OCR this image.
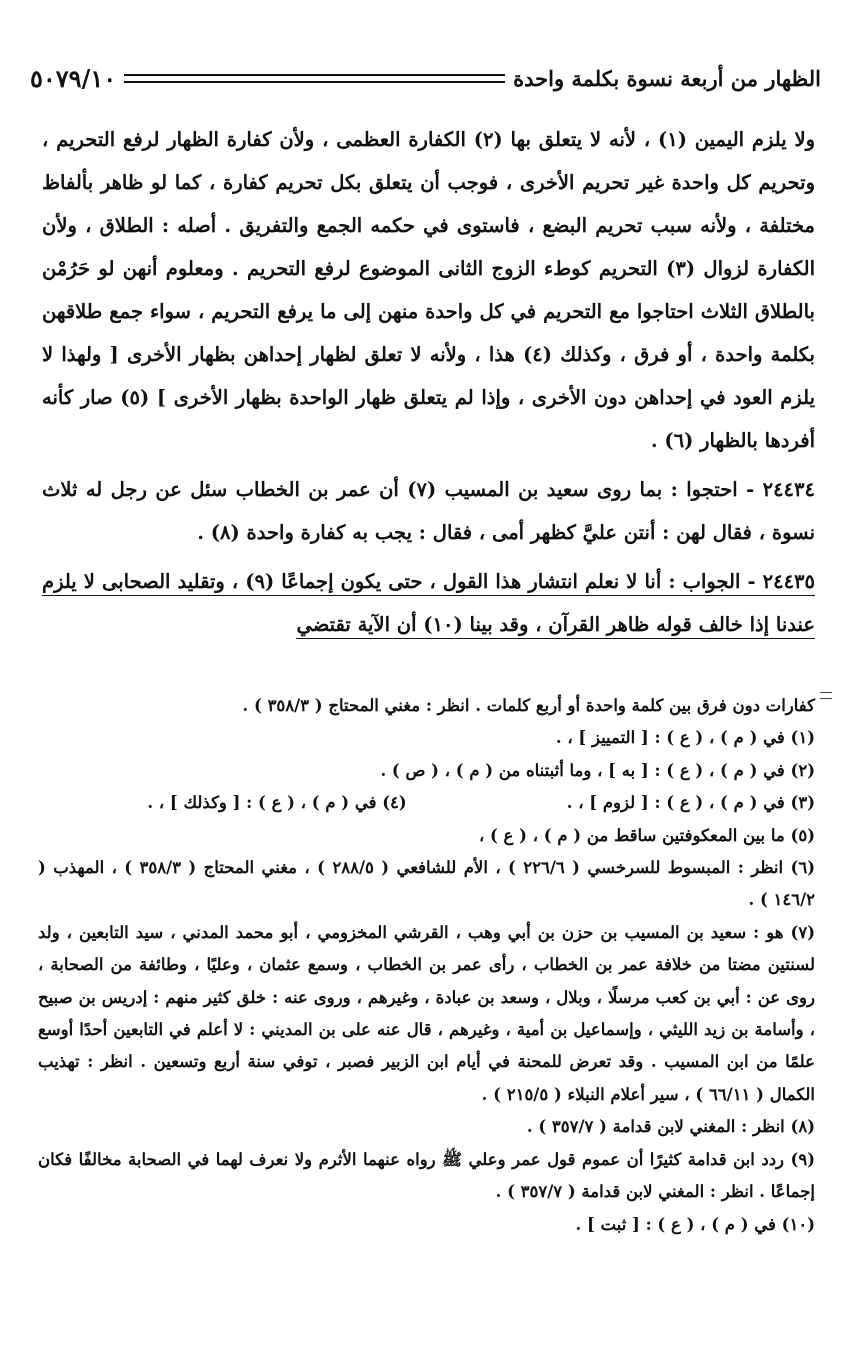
الظهار من أربعة نسوة بكلمة واحدة
٥٠٧٩/١٠

ولا يلزم اليمين (١) ، لأنه لا يتعلق بها (٢) الكفارة العظمى ، ولأن كفارة الظهار لرفع التحريم ، وتحريم كل واحدة غير تحريم الأخرى ، فوجب أن يتعلق بكل تحريم كفارة ، كما لو ظاهر بألفاظ مختلفة ، ولأنه سبب تحريم البضع ، فاستوى في حكمه الجمع والتفريق . أصله : الطلاق ، ولأن الكفارة لزوال (٣) التحريم كوطء الزوج الثانى الموضوع لرفع التحريم . ومعلوم أنهن لو حَرُمْن بالطلاق الثلاث احتاجوا مع التحريم في كل واحدة منهن إلى ما يرفع التحريم ، سواء جمع طلاقهن بكلمة واحدة ، أو فرق ، وكذلك (٤) هذا ، ولأنه لا تعلق لظهار إحداهن بظهار الأخرى [ ولهذا لا يلزم العود في إحداهن دون الأخرى ، وإذا لم يتعلق ظهار الواحدة بظهار الأخرى ] (٥) صار كأنه أفردها بالظهار (٦) .

٢٤٤٣٤ - احتجوا : بما روى سعيد بن المسيب (٧) أن عمر بن الخطاب سئل عن رجل له ثلاث نسوة ، فقال لهن : أنتن عليَّ كظهر أمى ، فقال : يجب به كفارة واحدة (٨) .

٢٤٤٣٥ - الجواب : أنا لا نعلم انتشار هذا القول ، حتى يكون إجماعًا (٩) ، وتقليد الصحابى لا يلزم عندنا إذا خالف قوله ظاهر القرآن ، وقد بينا (١٠) أن الآية تقتضي

كفارات دون فرق بين كلمة واحدة أو أربع كلمات . انظر : مغني المحتاج ( ٣٥٨/٣ ) .

(١) في ( م ) ، ( ع ) : [ التمييز ] ، .

(٢) في ( م ) ، ( ع ) : [ به ] ، وما أثبتناه من ( م ) ، ( ص ) .

(٣) في ( م ) ، ( ع ) : [ لزوم ] ، .

(٤) في ( م ) ، ( ع ) : [ وكذلك ] ، .

(٥) ما بين المعكوفتين ساقط من ( م ) ، ( ع ) ،

(٦) انظر : المبسوط للسرخسي ( ٢٢٦/٦ ) ، الأم للشافعي ( ٢٨٨/٥ ) ، مغني المحتاج ( ٣٥٨/٣ ) ، المهذب ( ١٤٦/٢ ) .

(٧) هو : سعيد بن المسيب بن حزن بن أبي وهب ، القرشي المخزومي ، أبو محمد المدني ، سيد التابعين ، ولد لسنتين مضتا من خلافة عمر بن الخطاب ، رأى عمر بن الخطاب ، وسمع عثمان ، وعليًا ، وطائفة من الصحابة ، روى عن : أبي بن كعب مرسلًا ، وبلال ، وسعد بن عبادة ، وغيرهم ، وروى عنه : خلق كثير منهم : إدريس بن صبيح ، وأسامة بن زيد الليثي ، وإسماعيل بن أمية ، وغيرهم ، قال عنه على بن المديني : لا أعلم في التابعين أحدًا أوسع علمًا من ابن المسيب . وقد تعرض للمحنة في أيام ابن الزبير فصبر ، توفي سنة أربع وتسعين . انظر : تهذيب الكمال ( ٦٦/١١ ) ، سير أعلام النبلاء ( ٢١٥/٥ ) .

(٨) انظر : المغني لابن قدامة ( ٣٥٧/٧ ) .

(٩) ردد ابن قدامة كثيرًا أن عموم قول عمر وعلي ﷺ رواه عنهما الأثرم ولا نعرف لهما في الصحابة مخالفًا فكان إجماعًا . انظر : المغني لابن قدامة ( ٣٥٧/٧ ) .

(١٠) في ( م ) ، ( ع ) : [ ثبت ] .
